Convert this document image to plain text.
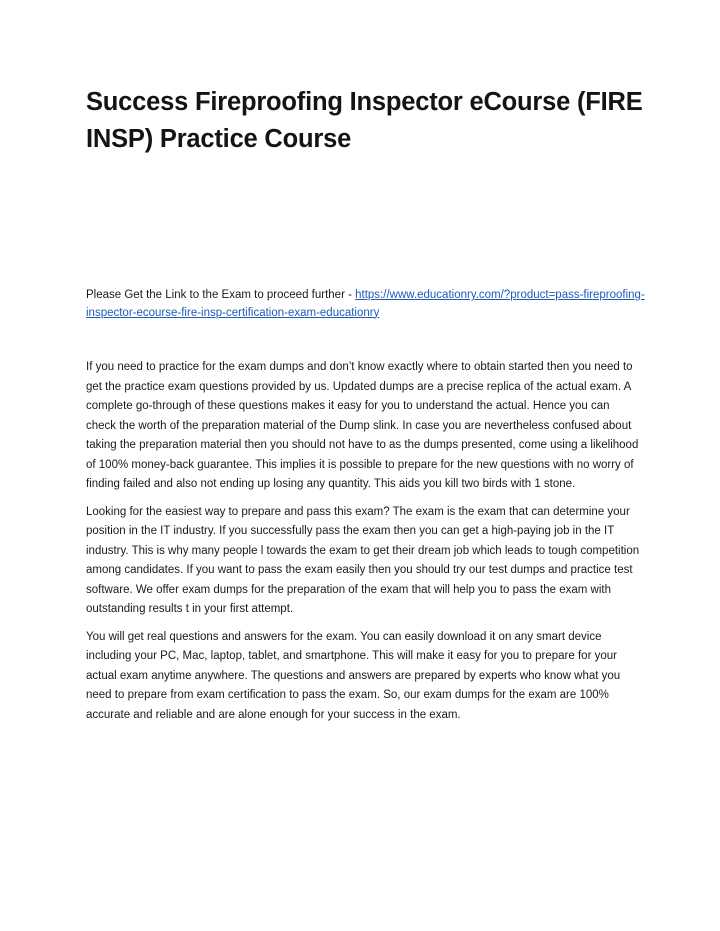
Success Fireproofing Inspector eCourse (FIRE INSP) Practice Course

Please Get the Link to the Exam to proceed further - https://www.educationry.com/?product=pass-fireproofing-inspector-ecourse-fire-insp-certification-exam-educationry

If you need to practice for the exam dumps and don’t know exactly where to obtain started then you need to get the practice exam questions provided by us. Updated dumps are a precise replica of the actual exam. A complete go-through of these questions makes it easy for you to understand the actual. Hence you can check the worth of the preparation material of the Dump slink. In case you are nevertheless confused about taking the preparation material then you should not have to as the dumps presented, come using a likelihood of 100% money-back guarantee. This implies it is possible to prepare for the new questions with no worry of finding failed and also not ending up losing any quantity. This aids you kill two birds with 1 stone.

Looking for the easiest way to prepare and pass this exam? The exam is the exam that can determine your position in the IT industry. If you successfully pass the exam then you can get a high-paying job in the IT industry. This is why many people l towards the exam to get their dream job which leads to tough competition among candidates. If you want to pass the exam easily then you should try our test dumps and practice test software. We offer exam dumps for the preparation of the exam that will help you to pass the exam with outstanding results t in your first attempt.

You will get real questions and answers for the exam. You can easily download it on any smart device including your PC, Mac, laptop, tablet, and smartphone. This will make it easy for you to prepare for your actual exam anytime anywhere. The questions and answers are prepared by experts who know what you need to prepare from exam certification to pass the exam. So, our exam dumps for the exam are 100% accurate and reliable and are alone enough for your success in the exam.
